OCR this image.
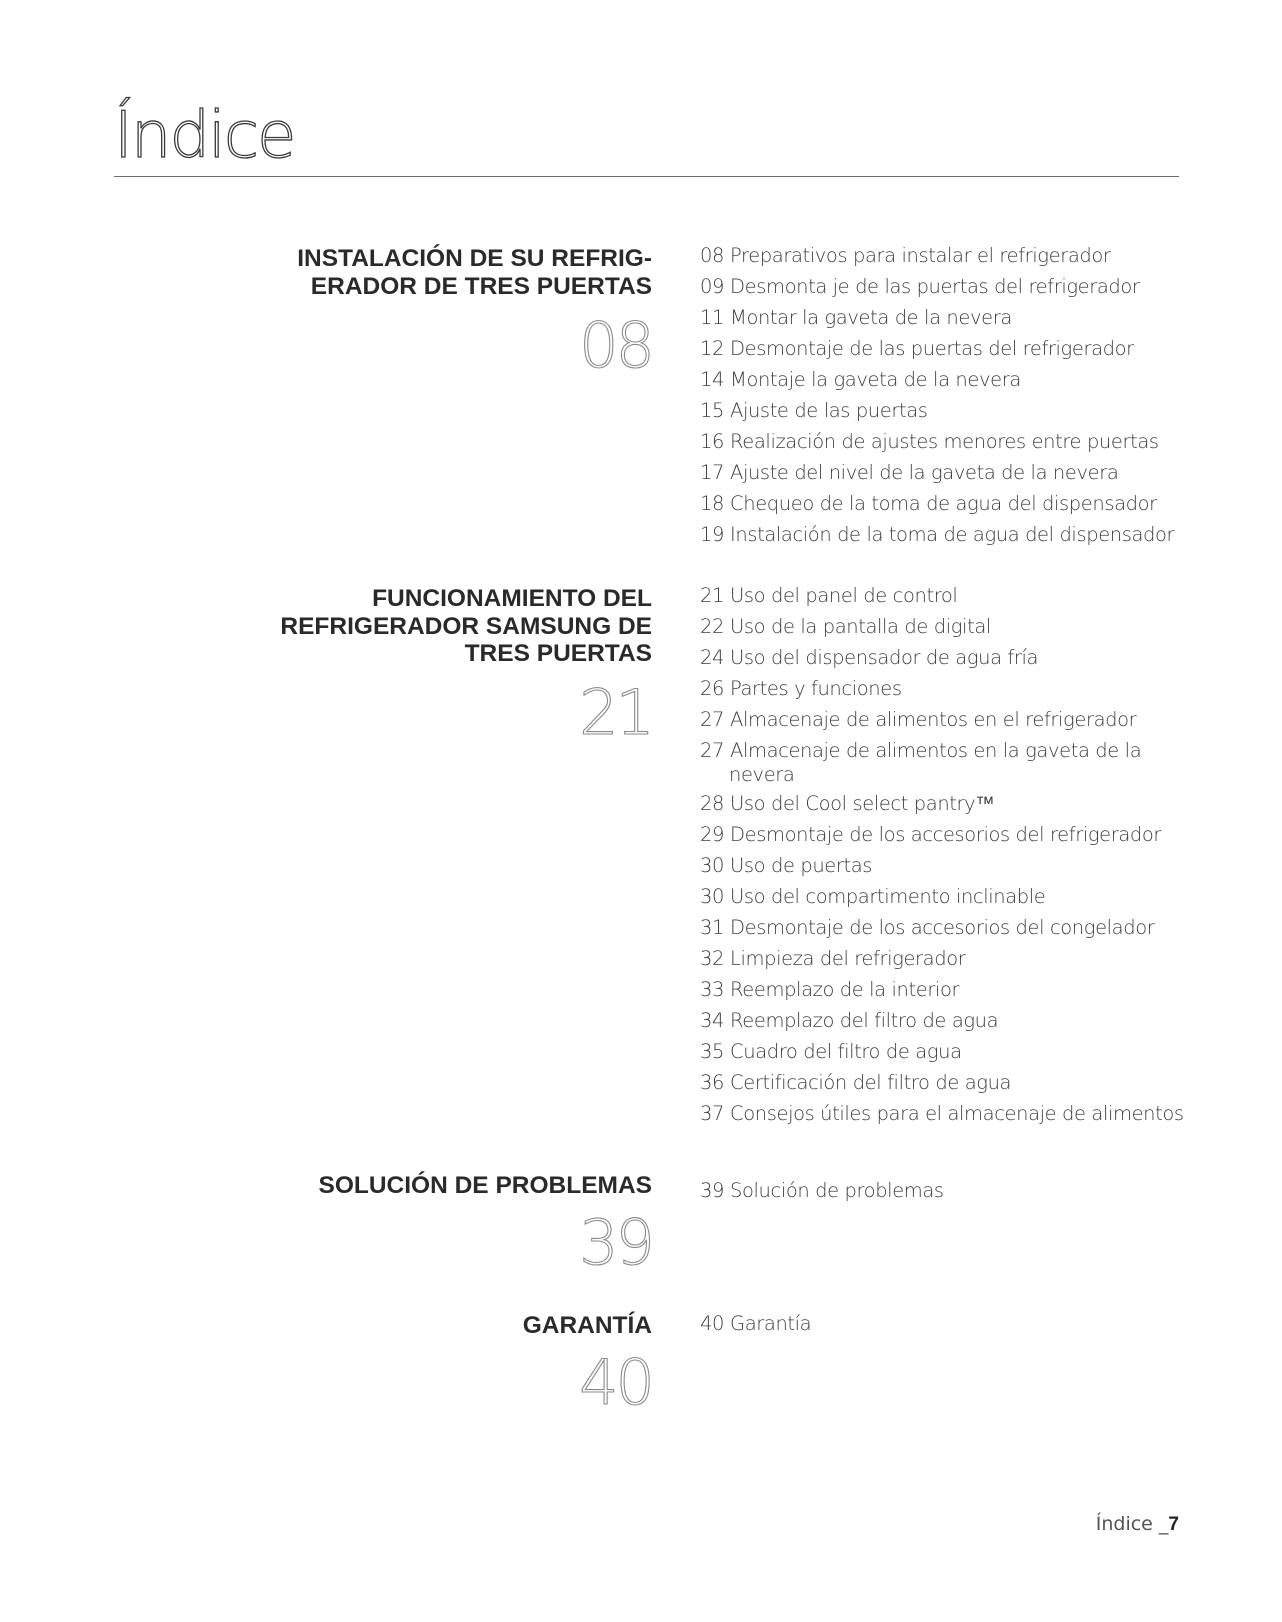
Índice
INSTALACIÓN DE SU REFRIG-
ERADOR DE TRES PUERTAS
08
08 Preparativos para instalar el refrigerador
09 Desmonta je de las puertas del refrigerador
11 Montar la gaveta de la nevera
12 Desmontaje de las puertas del refrigerador
14 Montaje la gaveta de la nevera
15 Ajuste de las puertas
16 Realización de ajustes menores entre puertas
17 Ajuste del nivel de la gaveta de la nevera
18 Chequeo de la toma de agua del dispensador
19 Instalación de la toma de agua del dispensador
FUNCIONAMIENTO DEL
REFRIGERADOR SAMSUNG DE
TRES PUERTAS
21
21 Uso del panel de control
22 Uso de la pantalla de digital
24 Uso del dispensador de agua fría
26 Partes y funciones
27 Almacenaje de alimentos en el refrigerador
27 Almacenaje de alimentos en la gaveta de la
nevera
28 Uso del Cool select pantry™
29 Desmontaje de los accesorios del refrigerador
30 Uso de puertas
30 Uso del compartimento inclinable
31 Desmontaje de los accesorios del congelador
32 Limpieza del refrigerador
33 Reemplazo de la interior
34 Reemplazo del filtro de agua
35 Cuadro del filtro de agua
36 Certificación del filtro de agua
37 Consejos útiles para el almacenaje de alimentos
SOLUCIÓN DE PROBLEMAS
39
39 Solución de problemas
GARANTÍA
40
40 Garantía
Índice _7
